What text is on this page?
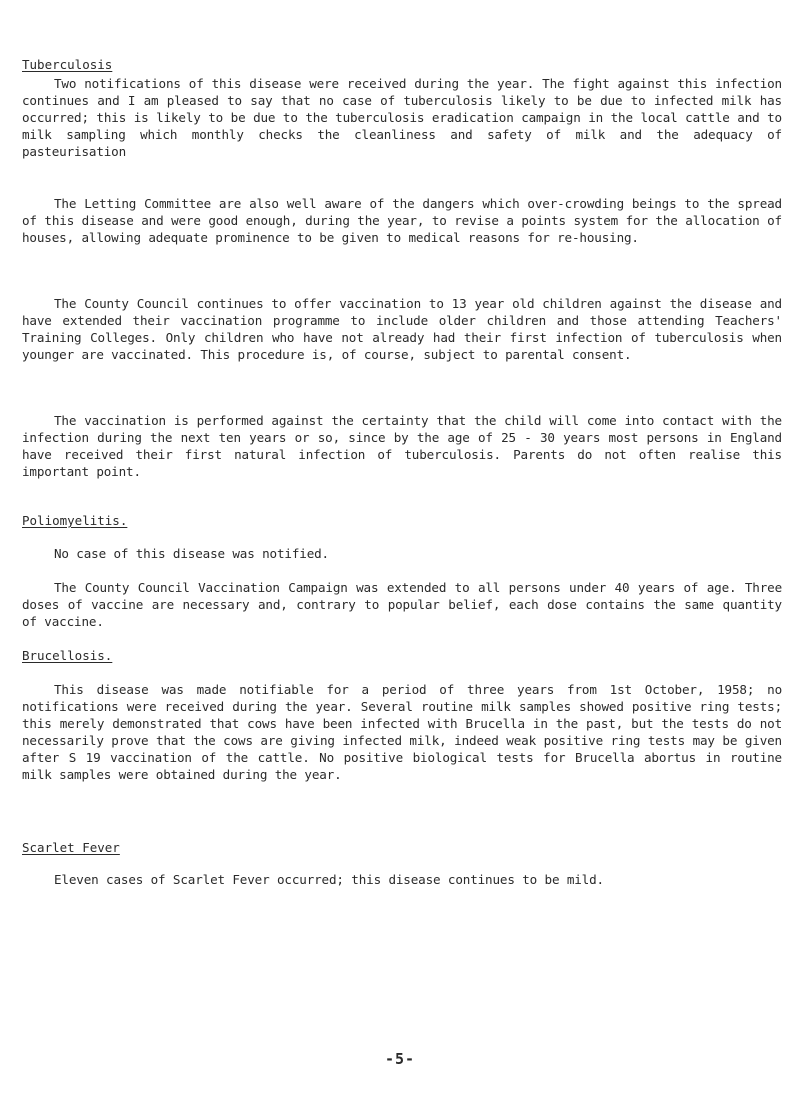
Tuberculosis

Two notifications of this disease were received during the year. The fight against this infection continues and I am pleased to say that no case of tuberculosis likely to be due to infected milk has occurred; this is likely to be due to the tuberculosis eradication campaign in the local cattle and to milk sampling which monthly checks the cleanliness and safety of milk and the adequacy of pasteurisation

The Letting Committee are also well aware of the dangers which over-crowding beings to the spread of this disease and were good enough, during the year, to revise a points system for the allocation of houses, allowing adequate prominence to be given to medical reasons for re-housing.

The County Council continues to offer vaccination to 13 year old children against the disease and have extended their vaccination programme to include older children and those attending Teachers' Training Colleges. Only children who have not already had their first infection of tuberculosis when younger are vaccinated. This procedure is, of course, subject to parental consent.

The vaccination is performed against the certainty that the child will come into contact with the infection during the next ten years or so, since by the age of 25 - 30 years most persons in England have received their first natural infection of tuberculosis. Parents do not often realise this important point.

Poliomyelitis.

No case of this disease was notified.

The County Council Vaccination Campaign was extended to all persons under 40 years of age. Three doses of vaccine are necessary and, contrary to popular belief, each dose contains the same quantity of vaccine.

Brucellosis.

This disease was made notifiable for a period of three years from 1st October, 1958; no notifications were received during the year. Several routine milk samples showed positive ring tests; this merely demonstrated that cows have been infected with Brucella in the past, but the tests do not necessarily prove that the cows are giving infected milk, indeed weak positive ring tests may be given after S 19 vaccination of the cattle. No positive biological tests for Brucella abortus in routine milk samples were obtained during the year.

Scarlet Fever

Eleven cases of Scarlet Fever occurred; this disease continues to be mild.

-5-
